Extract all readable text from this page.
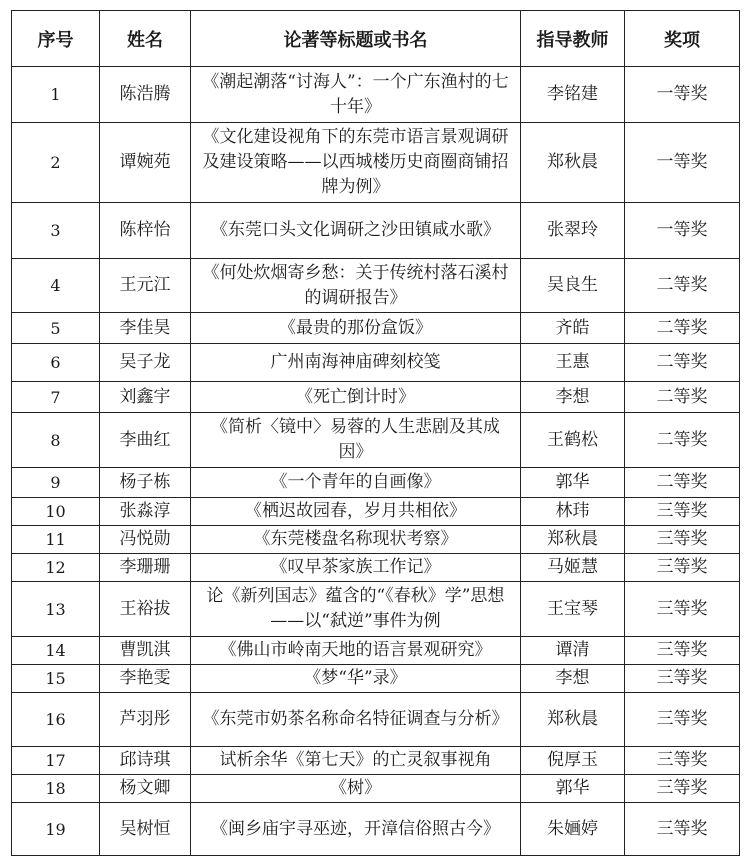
序号	姓名	论著等标题或书名	指导教师	奖项
1	陈浩腾	《潮起潮落“讨海人”：一个广东渔村的七十年》	李铭建	一等奖
2	谭婉苑	《文化建设视角下的东莞市语言景观调研及建设策略——以西城楼历史商圈商铺招牌为例》	郑秋晨	一等奖
3	陈梓怡	《东莞口头文化调研之沙田镇咸水歌》	张翠玲	一等奖
4	王元江	《何处炊烟寄乡愁：关于传统村落石溪村的调研报告》	吴良生	二等奖
5	李佳昊	《最贵的那份盒饭》	齐皓	二等奖
6	吴子龙	广州南海神庙碑刻校笺	王惠	二等奖
7	刘鑫宇	《死亡倒计时》	李想	二等奖
8	李曲红	《简析〈镜中〉易蓉的人生悲剧及其成因》	王鹤松	二等奖
9	杨子栋	《一个青年的自画像》	郭华	二等奖
10	张淼淳	《栖迟故园春，岁月共相依》	林玮	三等奖
11	冯悦勋	《东莞楼盘名称现状考察》	郑秋晨	三等奖
12	李珊珊	《叹早茶家族工作记》	马姬慧	三等奖
13	王裕拔	论《新列国志》蕴含的“《春秋》学”思想——以“弑逆”事件为例	王宝琴	三等奖
14	曹凯淇	《佛山市岭南天地的语言景观研究》	谭清	三等奖
15	李艳雯	《梦“华”录》	李想	三等奖
16	芦羽彤	《东莞市奶茶名称命名特征调查与分析》	郑秋晨	三等奖
17	邱诗琪	试析余华《第七天》的亡灵叙事视角	倪厚玉	三等奖
18	杨文卿	《树》	郭华	三等奖
19	吴树恒	《闽乡庙宇寻巫迹，开漳信俗照古今》	朱婳婷	三等奖
